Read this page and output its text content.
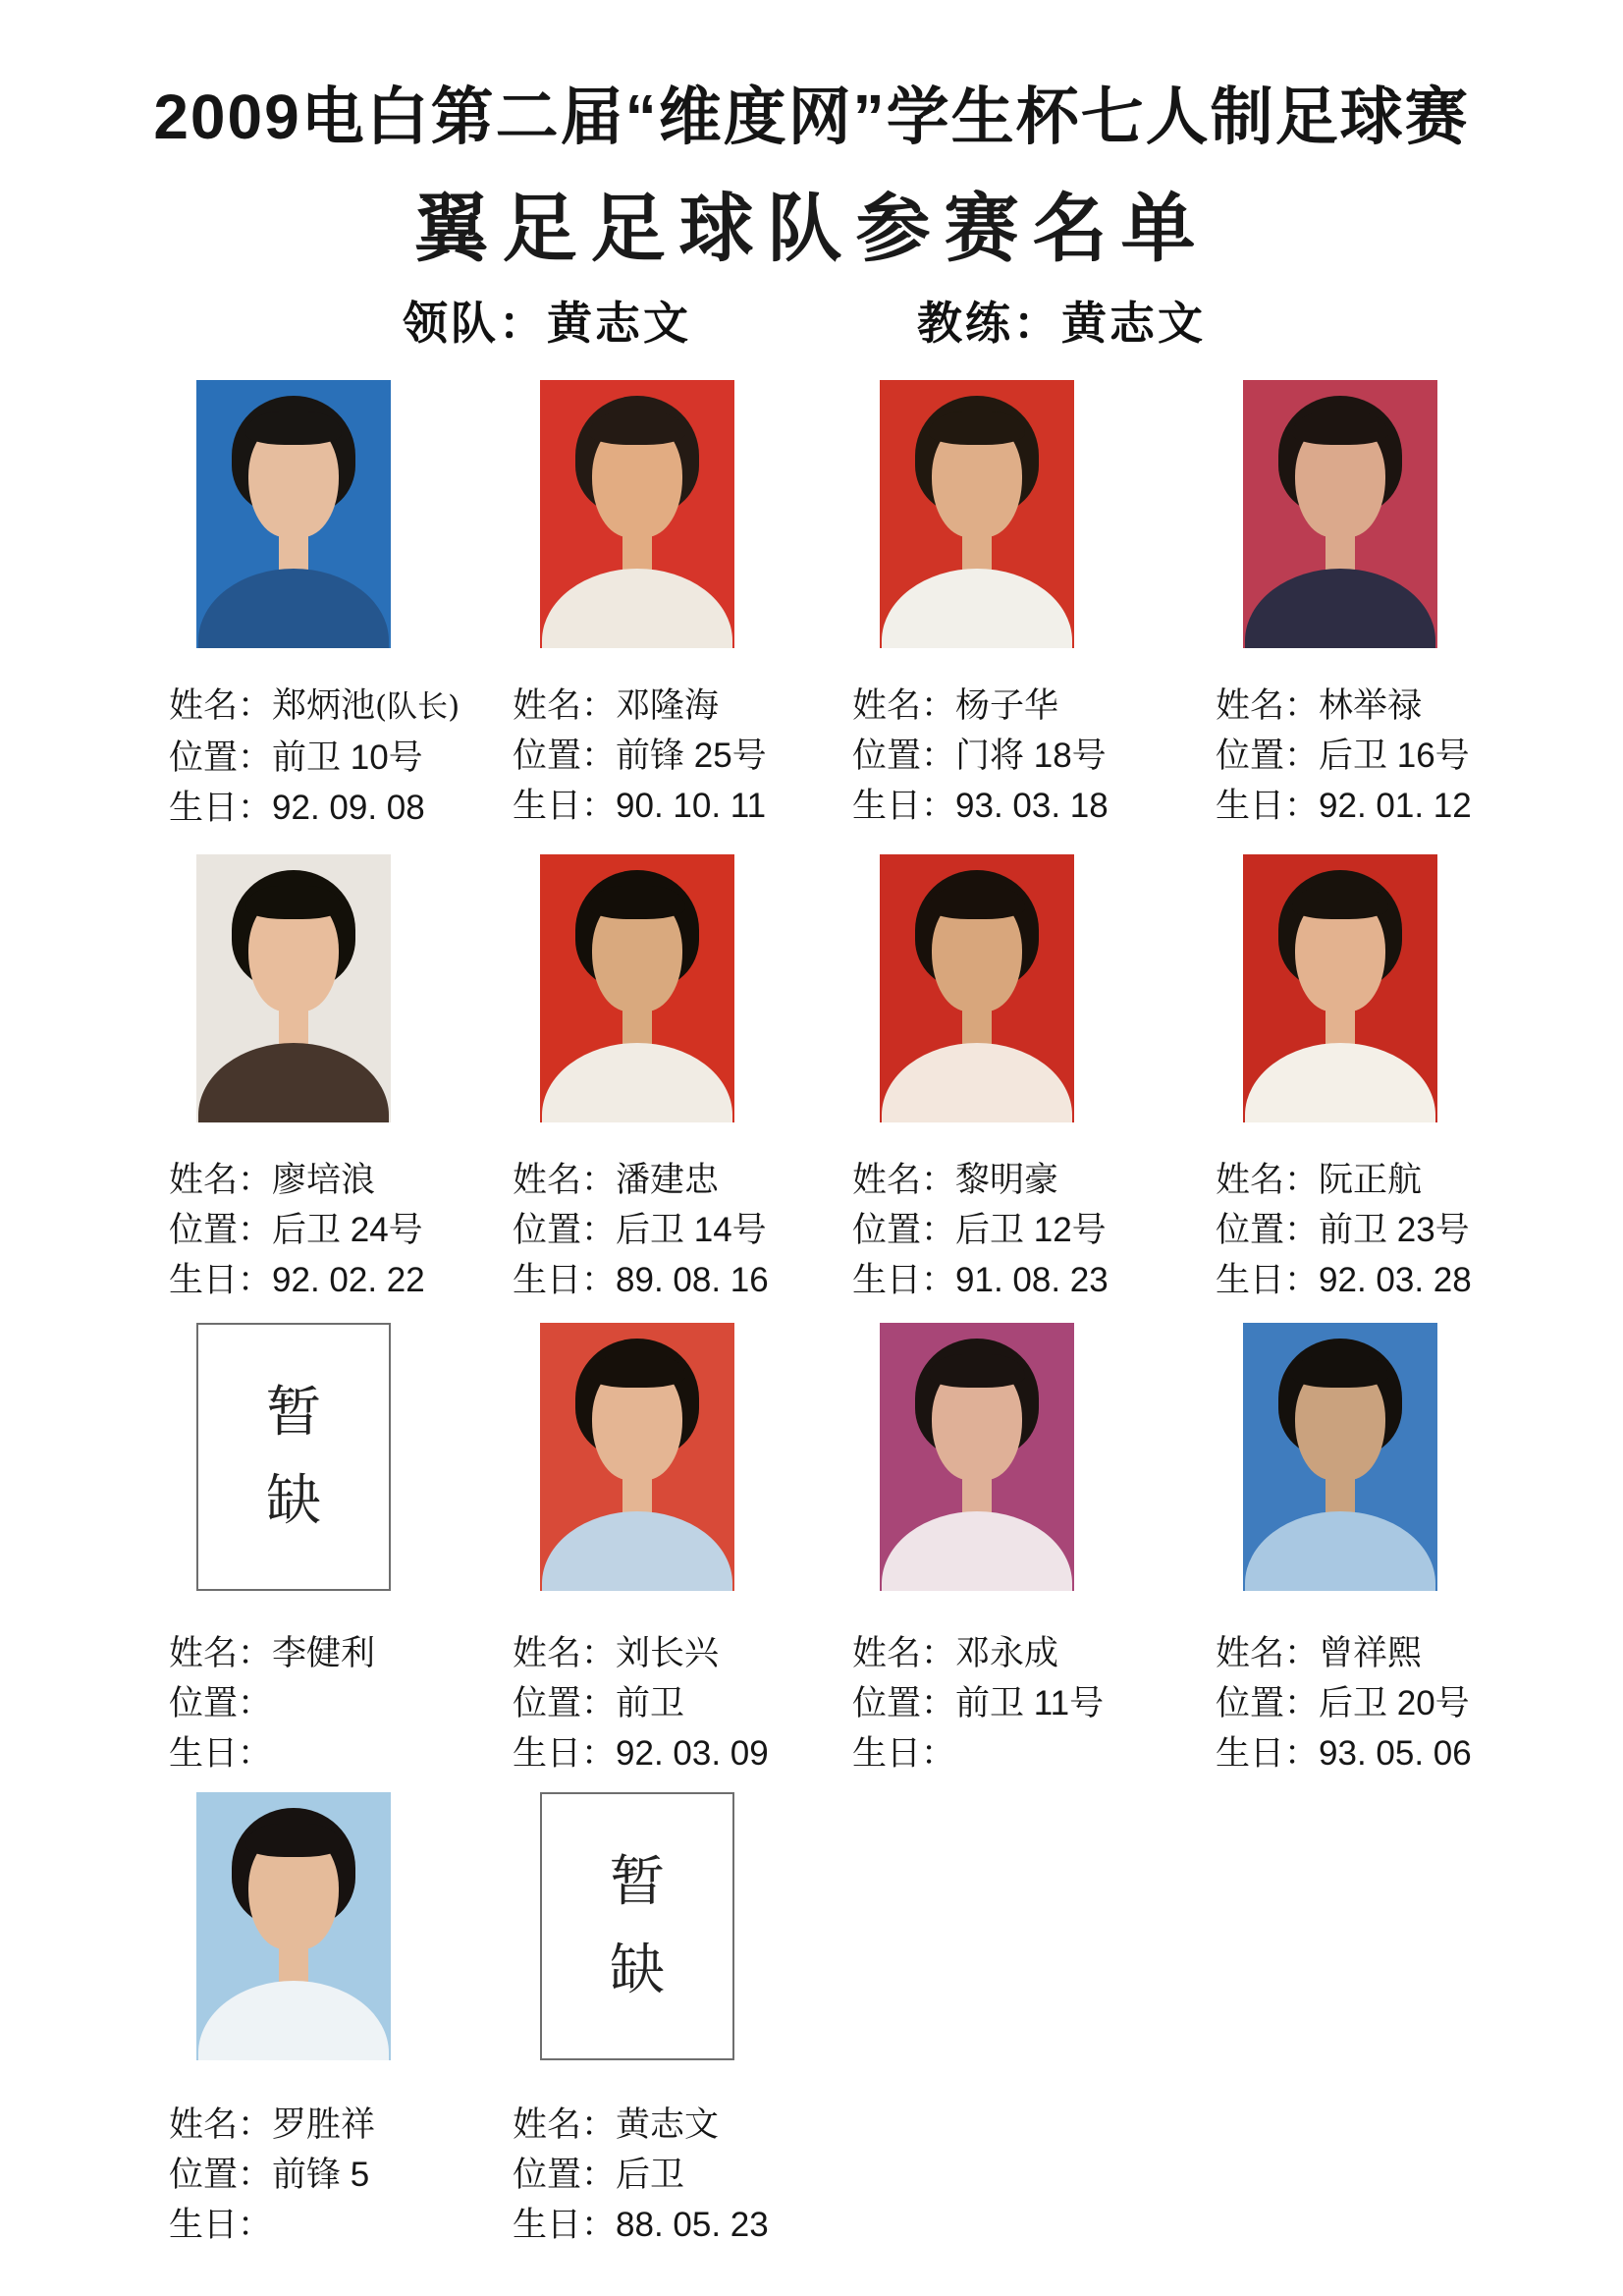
2009电白第二届“维度网”学生杯七人制足球赛
翼足足球队参赛名单
领队：黄志文	教练：黄志文
姓名：郑炳池(队长)
位置：前卫 10号
生日：92. 09. 08
姓名：邓隆海
位置：前锋 25号
生日：90. 10. 11
姓名：杨子华
位置：门将 18号
生日：93. 03. 18
姓名：林举禄
位置：后卫 16号
生日：92. 01. 12
姓名：廖培浪
位置：后卫 24号
生日：92. 02. 22
姓名：潘建忠
位置：后卫 14号
生日：89. 08. 16
姓名：黎明豪
位置：后卫 12号
生日：91. 08. 23
姓名：阮正航
位置：前卫 23号
生日：92. 03. 28
暂
缺
姓名：李健利
位置：
生日：
姓名：刘长兴
位置：前卫
生日：92. 03. 09
姓名：邓永成
位置：前卫 11号
生日：
姓名：曾祥熙
位置：后卫 20号
生日：93. 05. 06
姓名：罗胜祥
位置：前锋 5
生日：
暂
缺
姓名：黄志文
位置：后卫
生日：88. 05. 23
